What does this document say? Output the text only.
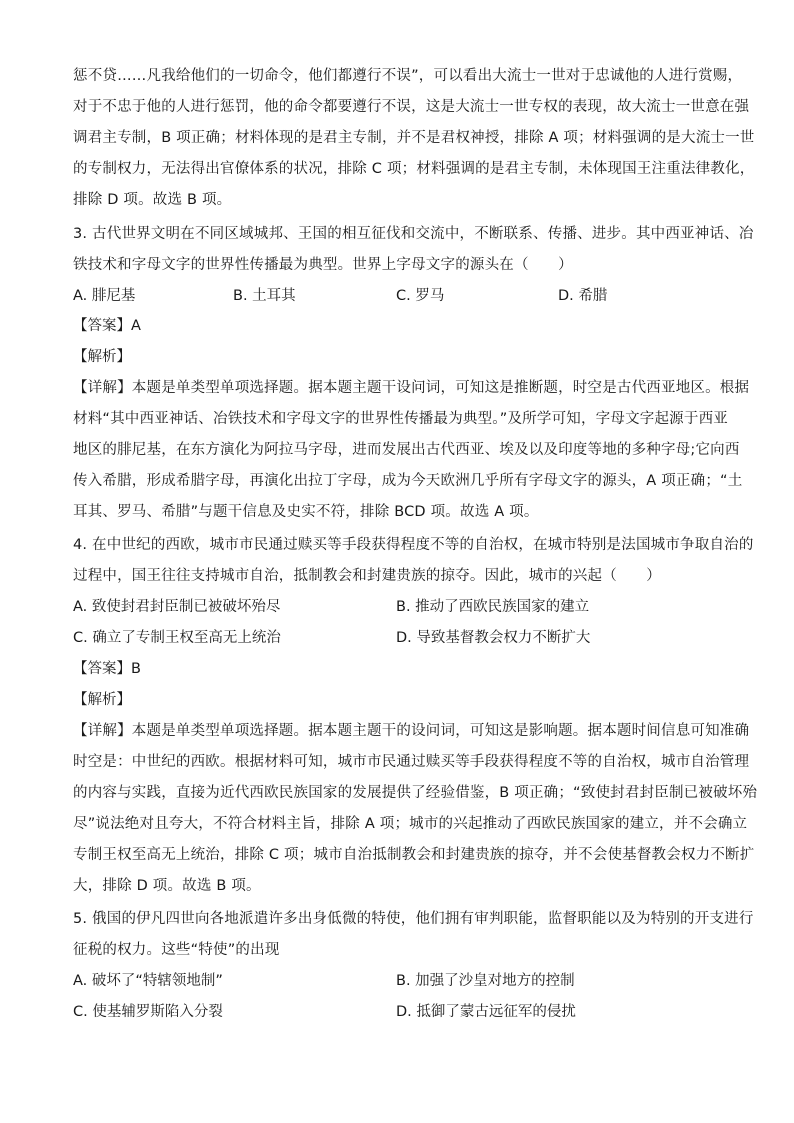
惩不贷……凡我给他们的一切命令，他们都遵行不误”，可以看出大流士一世对于忠诚他的人进行赏赐，
对于不忠于他的人进行惩罚，他的命令都要遵行不误，这是大流士一世专权的表现，故大流士一世意在强
调君主专制，B 项正确；材料体现的是君主专制，并不是君权神授，排除 A 项；材料强调的是大流士一世
的专制权力，无法得出官僚体系的状况，排除 C 项；材料强调的是君主专制，未体现国王注重法律教化，
排除 D 项。故选 B 项。
3. 古代世界文明在不同区域城邦、王国的相互征伐和交流中，不断联系、传播、进步。其中西亚神话、冶
铁技术和字母文字的世界性传播最为典型。世界上字母文字的源头在（　　）
A. 腓尼基	B. 土耳其	C. 罗马	D. 希腊
【答案】A
【解析】
【详解】本题是单类型单项选择题。据本题主题干设问词，可知这是推断题，时空是古代西亚地区。根据
材料“其中西亚神话、冶铁技术和字母文字的世界性传播最为典型。”及所学可知，字母文字起源于西亚
地区的腓尼基，在东方演化为阿拉马字母，进而发展出古代西亚、埃及以及印度等地的多种字母;它向西
传入希腊，形成希腊字母，再演化出拉丁字母，成为今天欧洲几乎所有字母文字的源头，A 项正确；“土
耳其、罗马、希腊”与题干信息及史实不符，排除 BCD 项。故选 A 项。
4. 在中世纪的西欧，城市市民通过赎买等手段获得程度不等的自治权，在城市特别是法国城市争取自治的
过程中，国王往往支持城市自治，抵制教会和封建贵族的掠夺。因此，城市的兴起（　　）
A. 致使封君封臣制已被破坏殆尽	B. 推动了西欧民族国家的建立
C. 确立了专制王权至高无上统治	D. 导致基督教会权力不断扩大
【答案】B
【解析】
【详解】本题是单类型单项选择题。据本题主题干的设问词，可知这是影响题。据本题时间信息可知准确
时空是：中世纪的西欧。根据材料可知，城市市民通过赎买等手段获得程度不等的自治权，城市自治管理
的内容与实践，直接为近代西欧民族国家的发展提供了经验借鉴，B 项正确；“致使封君封臣制已被破坏殆
尽”说法绝对且夸大，不符合材料主旨，排除 A 项；城市的兴起推动了西欧民族国家的建立，并不会确立
专制王权至高无上统治，排除 C 项；城市自治抵制教会和封建贵族的掠夺，并不会使基督教会权力不断扩
大，排除 D 项。故选 B 项。
5. 俄国的伊凡四世向各地派遣许多出身低微的特使，他们拥有审判职能，监督职能以及为特别的开支进行
征税的权力。这些“特使”的出现
A. 破坏了“特辖领地制”	B. 加强了沙皇对地方的控制
C. 使基辅罗斯陷入分裂	D. 抵御了蒙古远征军的侵扰
